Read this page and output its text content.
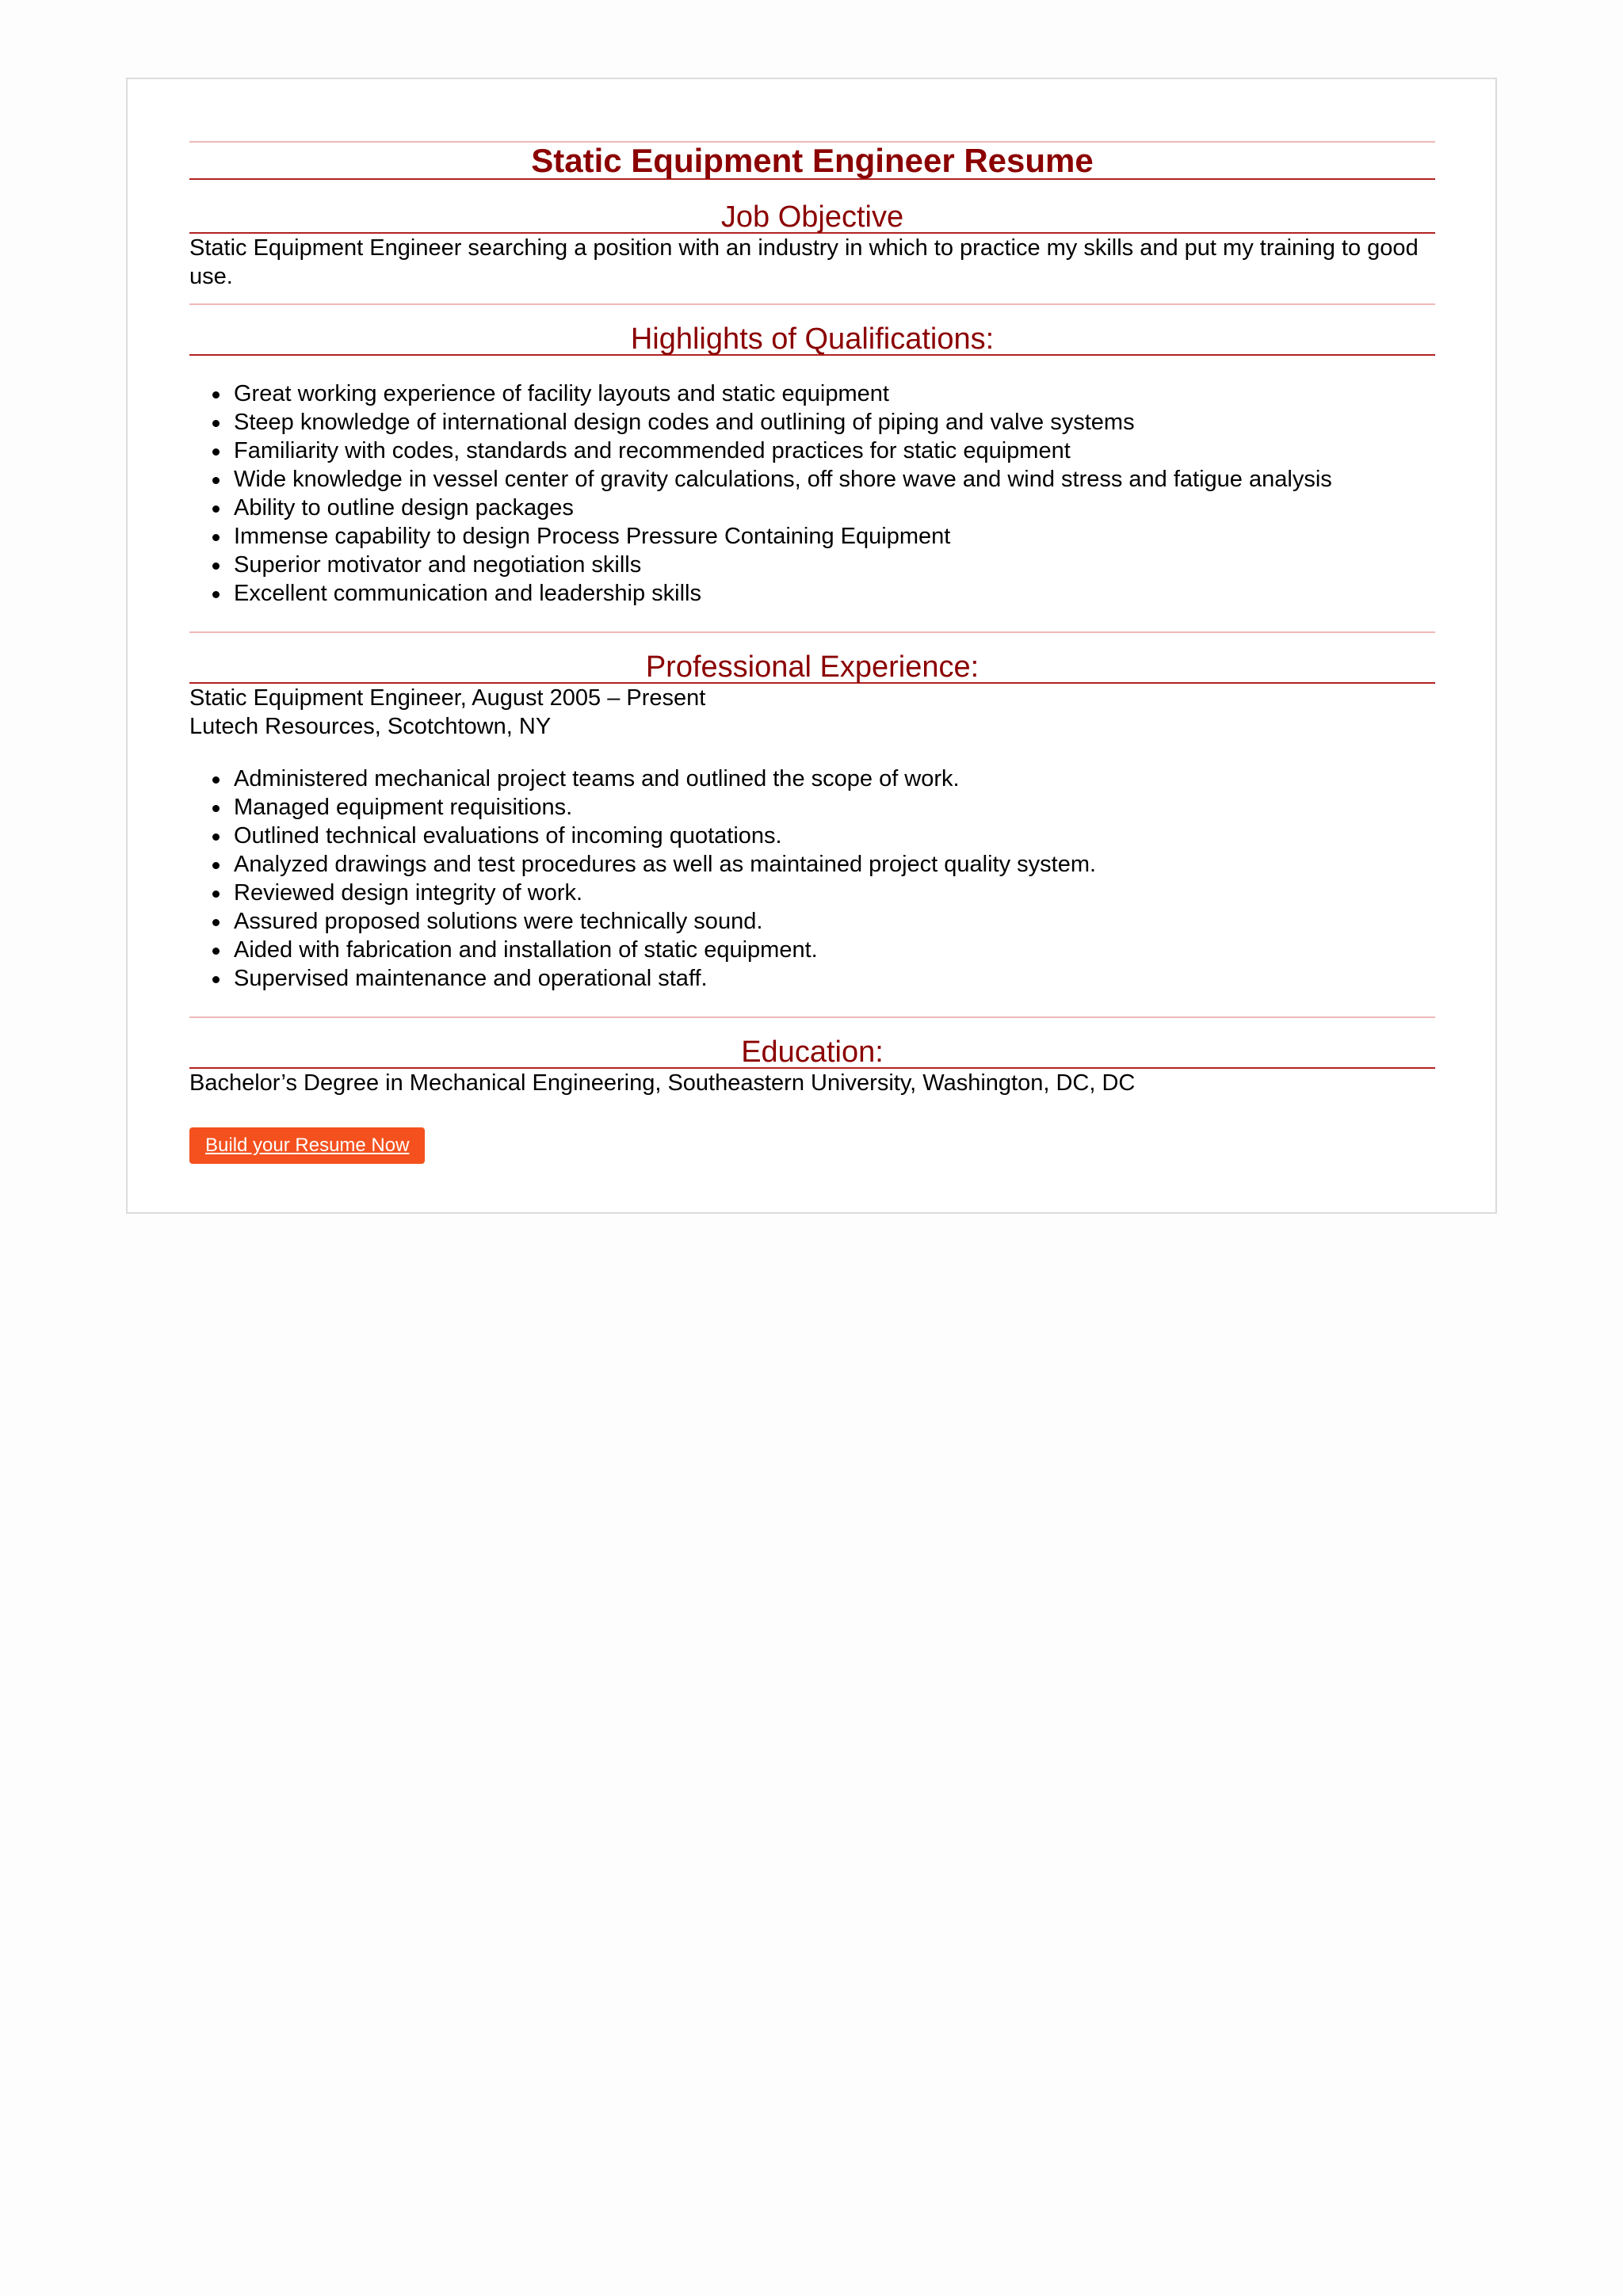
Static Equipment Engineer Resume
Job Objective
Static Equipment Engineer searching a position with an industry in which to practice my skills and put my training to good use.
Highlights of Qualifications:
Great working experience of facility layouts and static equipment
Steep knowledge of international design codes and outlining of piping and valve systems
Familiarity with codes, standards and recommended practices for static equipment
Wide knowledge in vessel center of gravity calculations, off shore wave and wind stress and fatigue analysis
Ability to outline design packages
Immense capability to design Process Pressure Containing Equipment
Superior motivator and negotiation skills
Excellent communication and leadership skills
Professional Experience:
Static Equipment Engineer, August 2005 – Present
Lutech Resources, Scotchtown, NY
Administered mechanical project teams and outlined the scope of work.
Managed equipment requisitions.
Outlined technical evaluations of incoming quotations.
Analyzed drawings and test procedures as well as maintained project quality system.
Reviewed design integrity of work.
Assured proposed solutions were technically sound.
Aided with fabrication and installation of static equipment.
Supervised maintenance and operational staff.
Education:
Bachelor’s Degree in Mechanical Engineering, Southeastern University, Washington, DC, DC
Build your Resume Now
